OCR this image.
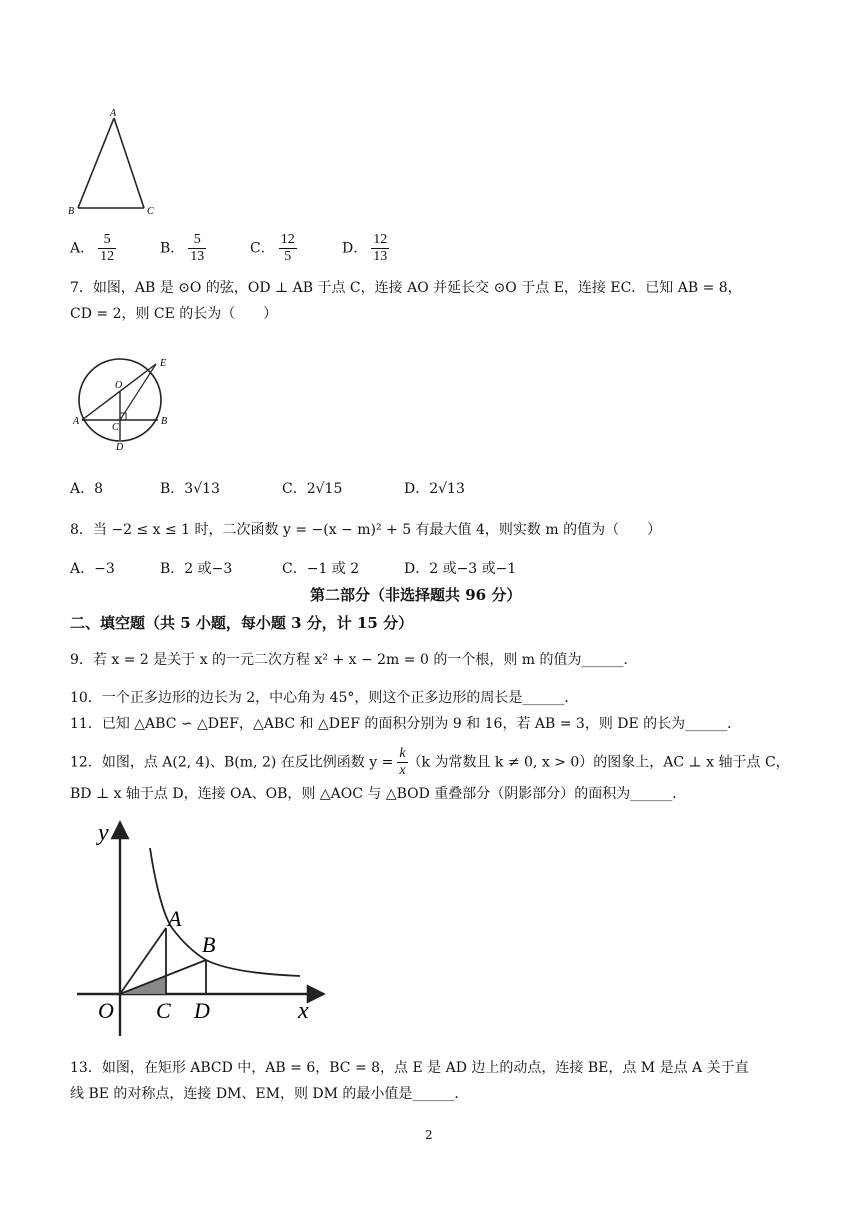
A
B	C
A． $\frac{5}{12}$	B． $\frac{5}{13}$	C． $\frac{12}{5}$	D． $\frac{12}{13}$
7．如图，AB 是 ⊙O 的弦，OD ⊥ AB 于点 C，连接 AO 并延长交 ⊙O 于点 E，连接 EC．已知 AB = 8，
CD = 2，则 CE 的长为（　　）
E
O
A
C
B
D
A．8	B．3√13	C．2√15	D．2√13
8．当 −2 ≤ x ≤ 1 时，二次函数 y = −(x − m)² + 5 有最大值 4，则实数 m 的值为（　　）
A．−3	B．2 或−3	C．−1 或 2	D．2 或−3 或−1
第二部分（非选择题共 96 分）
二、填空题（共 5 小题，每小题 3 分，计 15 分）
9．若 x = 2 是关于 x 的一元二次方程 x² + x − 2m = 0 的一个根，则 m 的值为______．
10．一个正多边形的边长为 2，中心角为 45°，则这个正多边形的周长是______．
11．已知 △ABC ∽ △DEF，△ABC 和 △DEF 的面积分别为 9 和 16，若 AB = 3，则 DE 的长为______．
12．如图，点 A(2, 4)、B(m, 2) 在反比例函数 $y = \frac{k}{x} (k$ 为常数且 k ≠ 0, x > 0）的图象上，AC ⊥ x 轴于点 C，
BD ⊥ x 轴于点 D，连接 OA、OB，则 △AOC 与 △BOD 重叠部分（阴影部分）的面积为______．
y
x
O
A
B
C D
13．如图，在矩形 ABCD 中，AB = 6，BC = 8，点 E 是 AD 边上的动点，连接 BE，点 M 是点 A 关于直
线 BE 的对称点，连接 DM、EM，则 DM 的最小值是______．
2
